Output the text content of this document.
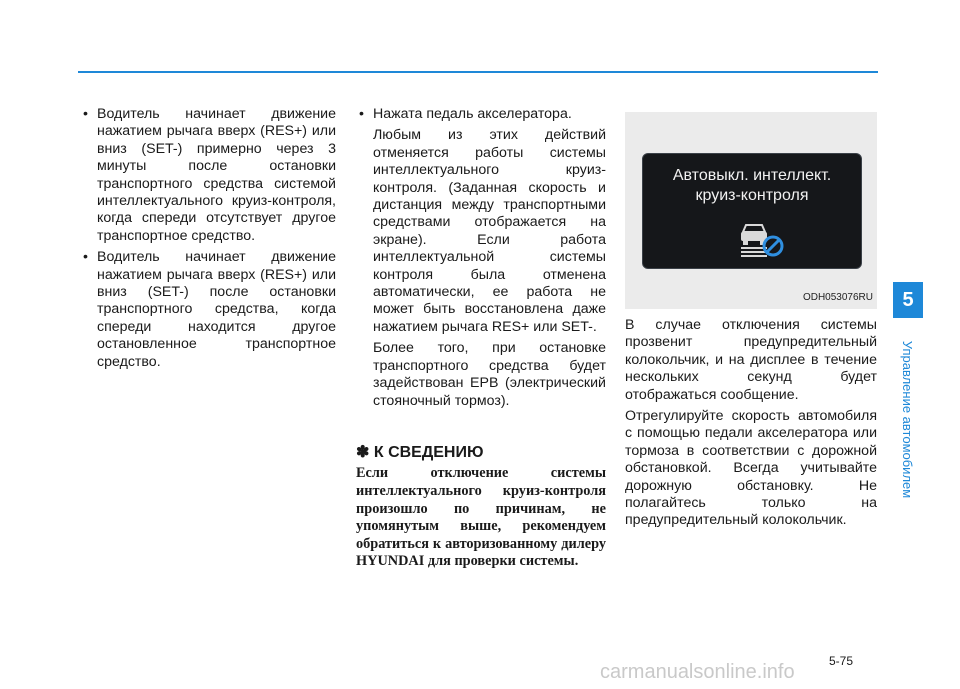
5
Управление автомобилем

• Водитель начинает движение нажатием рычага вверх (RES+) или вниз (SET-) примерно через 3 минуты после остановки транспортного средства системой интеллектуального круиз-контроля, когда спереди отсутствует другое транспортное средство.

• Водитель начинает движение нажатием рычага вверх (RES+) или вниз (SET-) после остановки транспортного средства, когда спереди находится другое остановленное транспортное средство.

• Нажата педаль акселератора.

Любым из этих действий отменяется работы системы интеллектуального круиз-контроля. (Заданная скорость и дистанция между транспортными средствами отображается на экране). Если работа интеллектуальной системы контроля была отменена автоматически, ее работа не может быть восстановлена даже нажатием рычага RES+ или SET-.

Более того, при остановке транспортного средства будет задействован EPB (электрический стояночный тормоз).

✽ К СВЕДЕНИЮ

Если отключение системы интеллектуального круиз-контроля произошло по причинам, не упомянутым выше, рекомендуем обратиться к авторизованному дилеру HYUNDAI для проверки системы.

Автовыкл. интеллект.
круиз-контроля
ODH053076RU

В случае отключения системы прозвенит предупредительный колокольчик, и на дисплее в течение нескольких секунд будет отображаться сообщение.

Отрегулируйте скорость автомобиля с помощью педали акселератора или тормоза в соответствии с дорожной обстановкой. Всегда учитывайте дорожную обстановку. Не полагайтесь только на предупредительный колокольчик.

carmanualsonline.info	5-75
